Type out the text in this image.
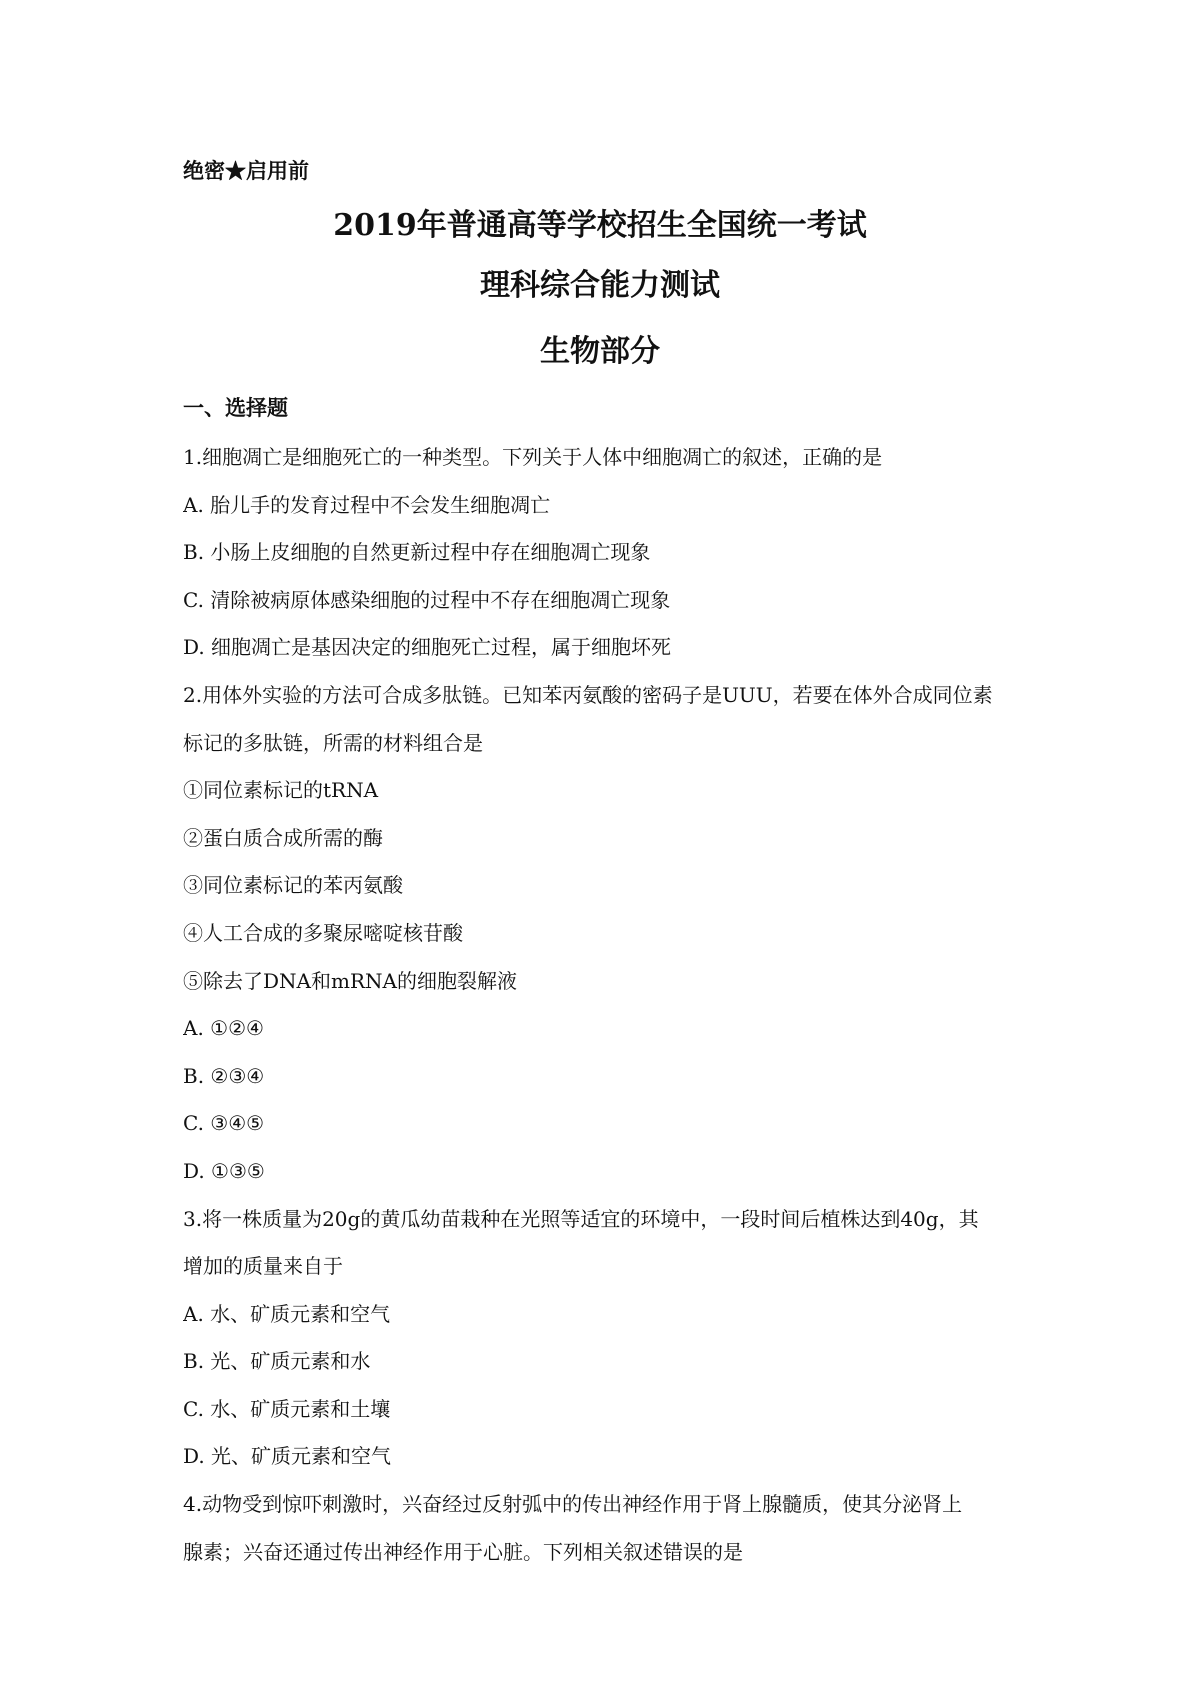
绝密★启用前
2019年普通高等学校招生全国统一考试
理科综合能力测试
生物部分
一、选择题
1.细胞凋亡是细胞死亡的一种类型。下列关于人体中细胞凋亡的叙述，正确的是
A. 胎儿手的发育过程中不会发生细胞凋亡
B. 小肠上皮细胞的自然更新过程中存在细胞凋亡现象
C. 清除被病原体感染细胞的过程中不存在细胞凋亡现象
D. 细胞凋亡是基因决定的细胞死亡过程，属于细胞坏死
2.用体外实验的方法可合成多肽链。已知苯丙氨酸的密码子是UUU，若要在体外合成同位素
标记的多肽链，所需的材料组合是
①同位素标记的tRNA
②蛋白质合成所需的酶
③同位素标记的苯丙氨酸
④人工合成的多聚尿嘧啶核苷酸
⑤除去了DNA和mRNA的细胞裂解液
A. ①②④
B. ②③④
C. ③④⑤
D. ①③⑤
3.将一株质量为20g的黄瓜幼苗栽种在光照等适宜的环境中，一段时间后植株达到40g，其
增加的质量来自于
A. 水、矿质元素和空气
B. 光、矿质元素和水
C. 水、矿质元素和土壤
D. 光、矿质元素和空气
4.动物受到惊吓刺激时，兴奋经过反射弧中的传出神经作用于肾上腺髓质，使其分泌肾上
腺素；兴奋还通过传出神经作用于心脏。下列相关叙述错误的是
